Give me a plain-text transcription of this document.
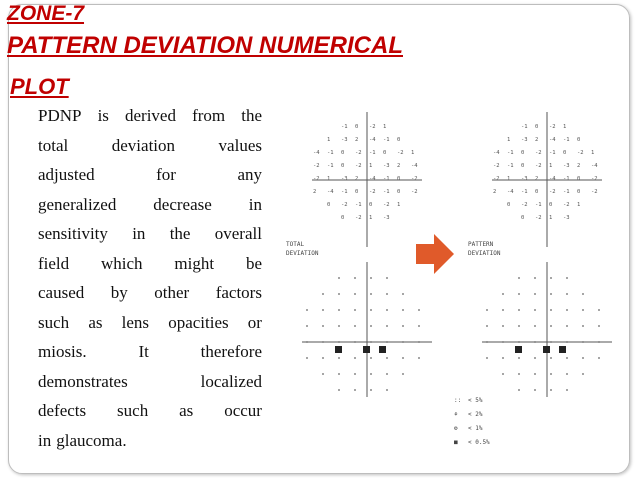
ZONE-7
PATTERN DEVIATION NUMERICAL
PLOT
PDNP is derived from the
total	deviation	values
adjusted	for	any
generalized decrease in
sensitivity in the overall
field which might be
caused by other factors
such as lens opacities or
miosis.	It	therefore
demonstrates	localized
defects such as occur
in glaucoma.
TOTAL
DEVIATION
PATTERN
DEVIATION
-1 0 -2 1
1 -3 2 -4 -1 0
-4 -1 0 -2 -1 0 -2 1
-2 -1 0 -2 1 -3 2 -4
-2 1 -3 2 -4 -1 0 -2
2 -4 -1 0 -2 -1 0 -2
0 -2 -1 0 -2 1
0 -2 1 -3
-1 0 -2 1
1 -3 2 -4 -1 0
-4 -1 0 -2 -1 0 -2 1
-2 -1 0 -2 1 -3 2 -4
-2 1 -3 2 -4 -1 0 -2
2 -4 -1 0 -2 -1 0 -2
0 -2 -1 0 -2 1
0 -2 1 -3
:: < 5%
⚘ < 2%
⚙ < 1%
■ < 0.5%
